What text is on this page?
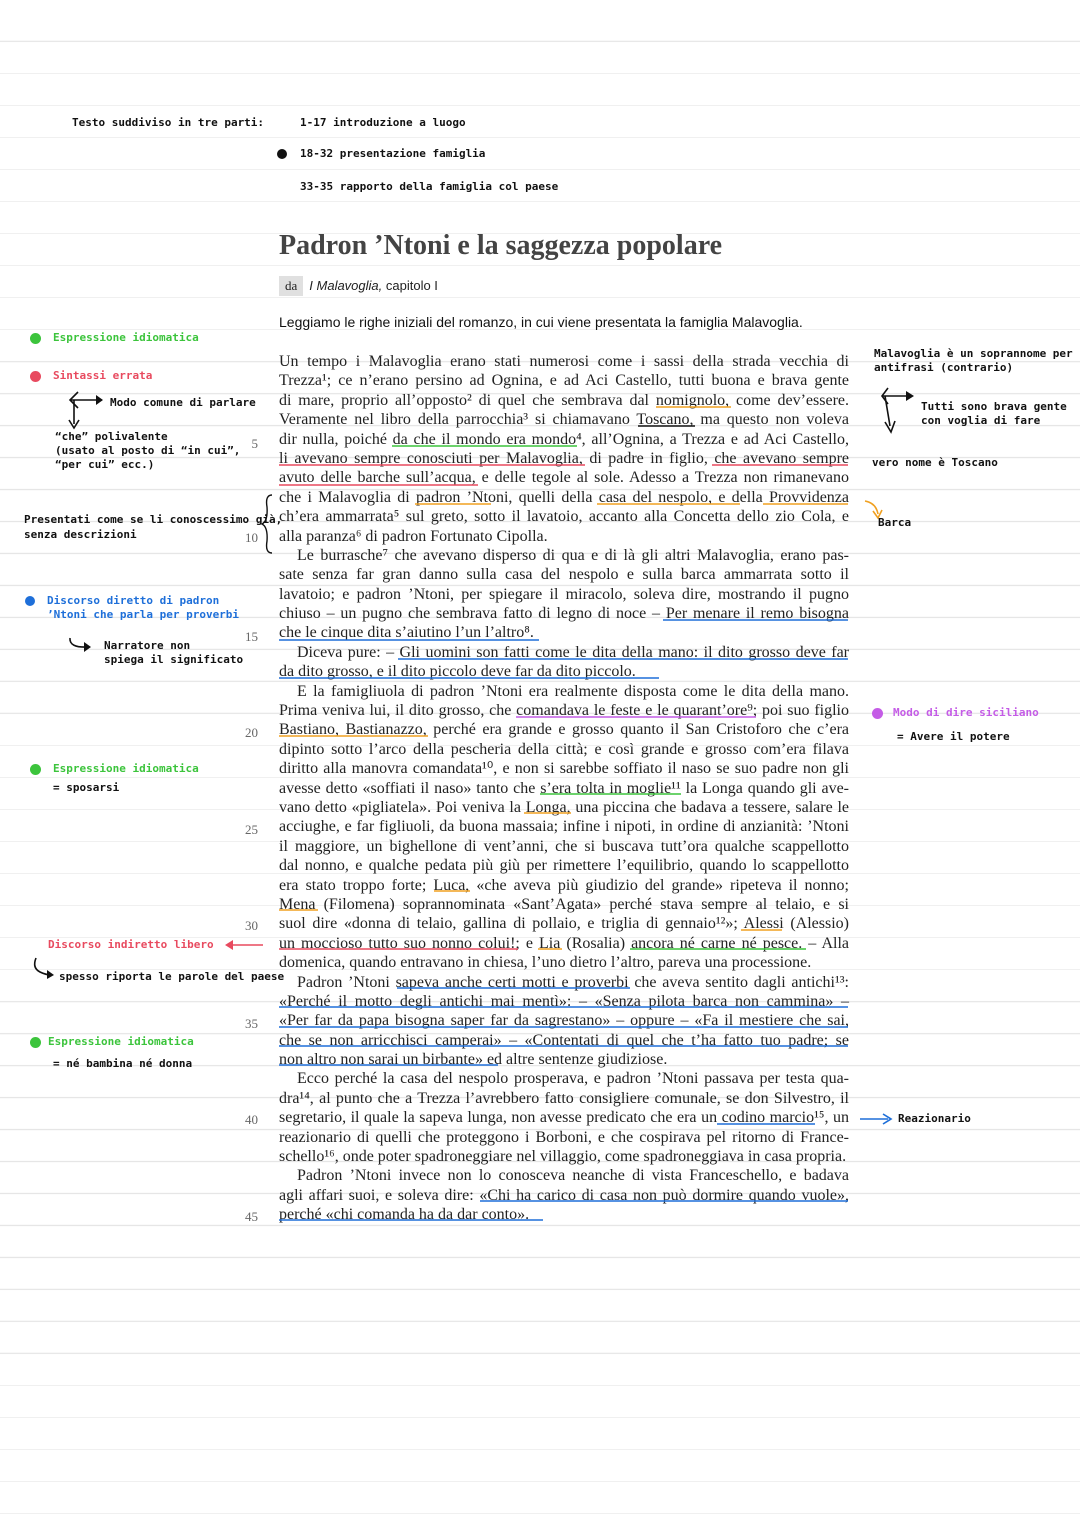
Testo suddiviso in tre parti:	1-17 introduzione a luogo
18-32 presentazione famiglia
33-35 rapporto della famiglia col paese
Padron ’Ntoni e la saggezza popolare
da I Malavoglia, capitolo I
Leggiamo le righe iniziali del romanzo, in cui viene presentata la famiglia Malavoglia.
Un tempo i Malavoglia erano stati numerosi come i sassi della strada vecchia di
Trezza¹; ce n’erano persino ad Ognina, e ad Aci Castello, tutti buona e brava gente
di mare, proprio all’opposto² di quel che sembrava dal nomignolo, come dev’essere.
Veramente nel libro della parrocchia³ si chiamavano Toscano, ma questo non voleva
dir nulla, poiché da che il mondo era mondo⁴, all’Ognina, a Trezza e ad Aci Castello,
li avevano sempre conosciuti per Malavoglia, di padre in figlio, che avevano sempre
avuto delle barche sull’acqua, e delle tegole al sole. Adesso a Trezza non rimanevano
che i Malavoglia di padron ’Ntoni, quelli della casa del nespolo, e della Provvidenza
ch’era ammarrata⁵ sul greto, sotto il lavatoio, accanto alla Concetta dello zio Cola, e
alla paranza⁶ di padron Fortunato Cipolla.
Le burrasche⁷ che avevano disperso di qua e di là gli altri Malavoglia, erano pas-
sate senza far gran danno sulla casa del nespolo e sulla barca ammarrata sotto il
lavatoio; e padron ’Ntoni, per spiegare il miracolo, soleva dire, mostrando il pugno
chiuso – un pugno che sembrava fatto di legno di noce – Per menare il remo bisogna
che le cinque dita s’aiutino l’un l’altro⁸.
Diceva pure: – Gli uomini son fatti come le dita della mano: il dito grosso deve far
da dito grosso, e il dito piccolo deve far da dito piccolo.
E la famigliuola di padron ’Ntoni era realmente disposta come le dita della mano.
Prima veniva lui, il dito grosso, che comandava le feste e le quarant’ore⁹; poi suo figlio
Bastiano, Bastianazzo, perché era grande e grosso quanto il San Cristoforo che c’era
dipinto sotto l’arco della pescheria della città; e così grande e grosso com’era filava
diritto alla manovra comandata¹⁰, e non si sarebbe soffiato il naso se suo padre non gli
avesse detto «soffiati il naso» tanto che s’era tolta in moglie¹¹ la Longa quando gli ave-
vano detto «pigliatela». Poi veniva la Longa, una piccina che badava a tessere, salare le
acciughe, e far figliuoli, da buona massaia; infine i nipoti, in ordine di anzianità: ’Ntoni
il maggiore, un bighellone di vent’anni, che si buscava tutt’ora qualche scappellotto
dal nonno, e qualche pedata più giù per rimettere l’equilibrio, quando lo scappellotto
era stato troppo forte; Luca, «che aveva più giudizio del grande» ripeteva il nonno;
Mena (Filomena) soprannominata «Sant’Agata» perché stava sempre al telaio, e si
suol dire «donna di telaio, gallina di pollaio, e triglia di gennaio¹²»; Alessi (Alessio)
un moccioso tutto suo nonno colui!; e Lia (Rosalia) ancora né carne né pesce. – Alla
domenica, quando entravano in chiesa, l’uno dietro l’altro, pareva una processione.
Padron ’Ntoni sapeva anche certi motti e proverbi che aveva sentito dagli antichi¹³:
«Perché il motto degli antichi mai mentì»: – «Senza pilota barca non cammina» –
«Per far da papa bisogna saper far da sagrestano» – oppure – «Fa il mestiere che sai,
che se non arricchisci camperai» – «Contentati di quel che t’ha fatto tuo padre; se
non altro non sarai un birbante» ed altre sentenze giudiziose.
Ecco perché la casa del nespolo prosperava, e padron ’Ntoni passava per testa qua-
dra¹⁴, al punto che a Trezza l’avrebbero fatto consigliere comunale, se don Silvestro, il
segretario, il quale la sapeva lunga, non avesse predicato che era un codino marcio¹⁵, un
reazionario di quelli che proteggono i Borboni, e che cospirava pel ritorno di France-
schello¹⁶, onde poter spadroneggiare nel villaggio, come spadroneggiava in casa propria.
Padron ’Ntoni invece non lo conosceva neanche di vista Franceschello, e badava
agli affari suoi, e soleva dire: «Chi ha carico di casa non può dormire quando vuole»,
perché «chi comanda ha da dar conto».
5
10
15
20
25
30
35
40
45
Espressione idiomatica
Sintassi errata
Modo comune di parlare
“che” polivalente
(usato al posto di “in cui”,
“per cui” ecc.)
Presentati come se li conoscessimo già,
senza descrizioni
Discorso diretto di padron
’Ntoni che parla per proverbi
Narratore non
spiega il significato
Espressione idiomatica
= sposarsi
Discorso indiretto libero
spesso riporta le parole del paese
Espressione idiomatica
= né bambina né donna
Malavoglia è un soprannome per
antifrasi (contrario)
Tutti sono brava gente
con voglia di fare
vero nome è Toscano
Barca
Modo di dire siciliano
= Avere il potere
Reazionario
